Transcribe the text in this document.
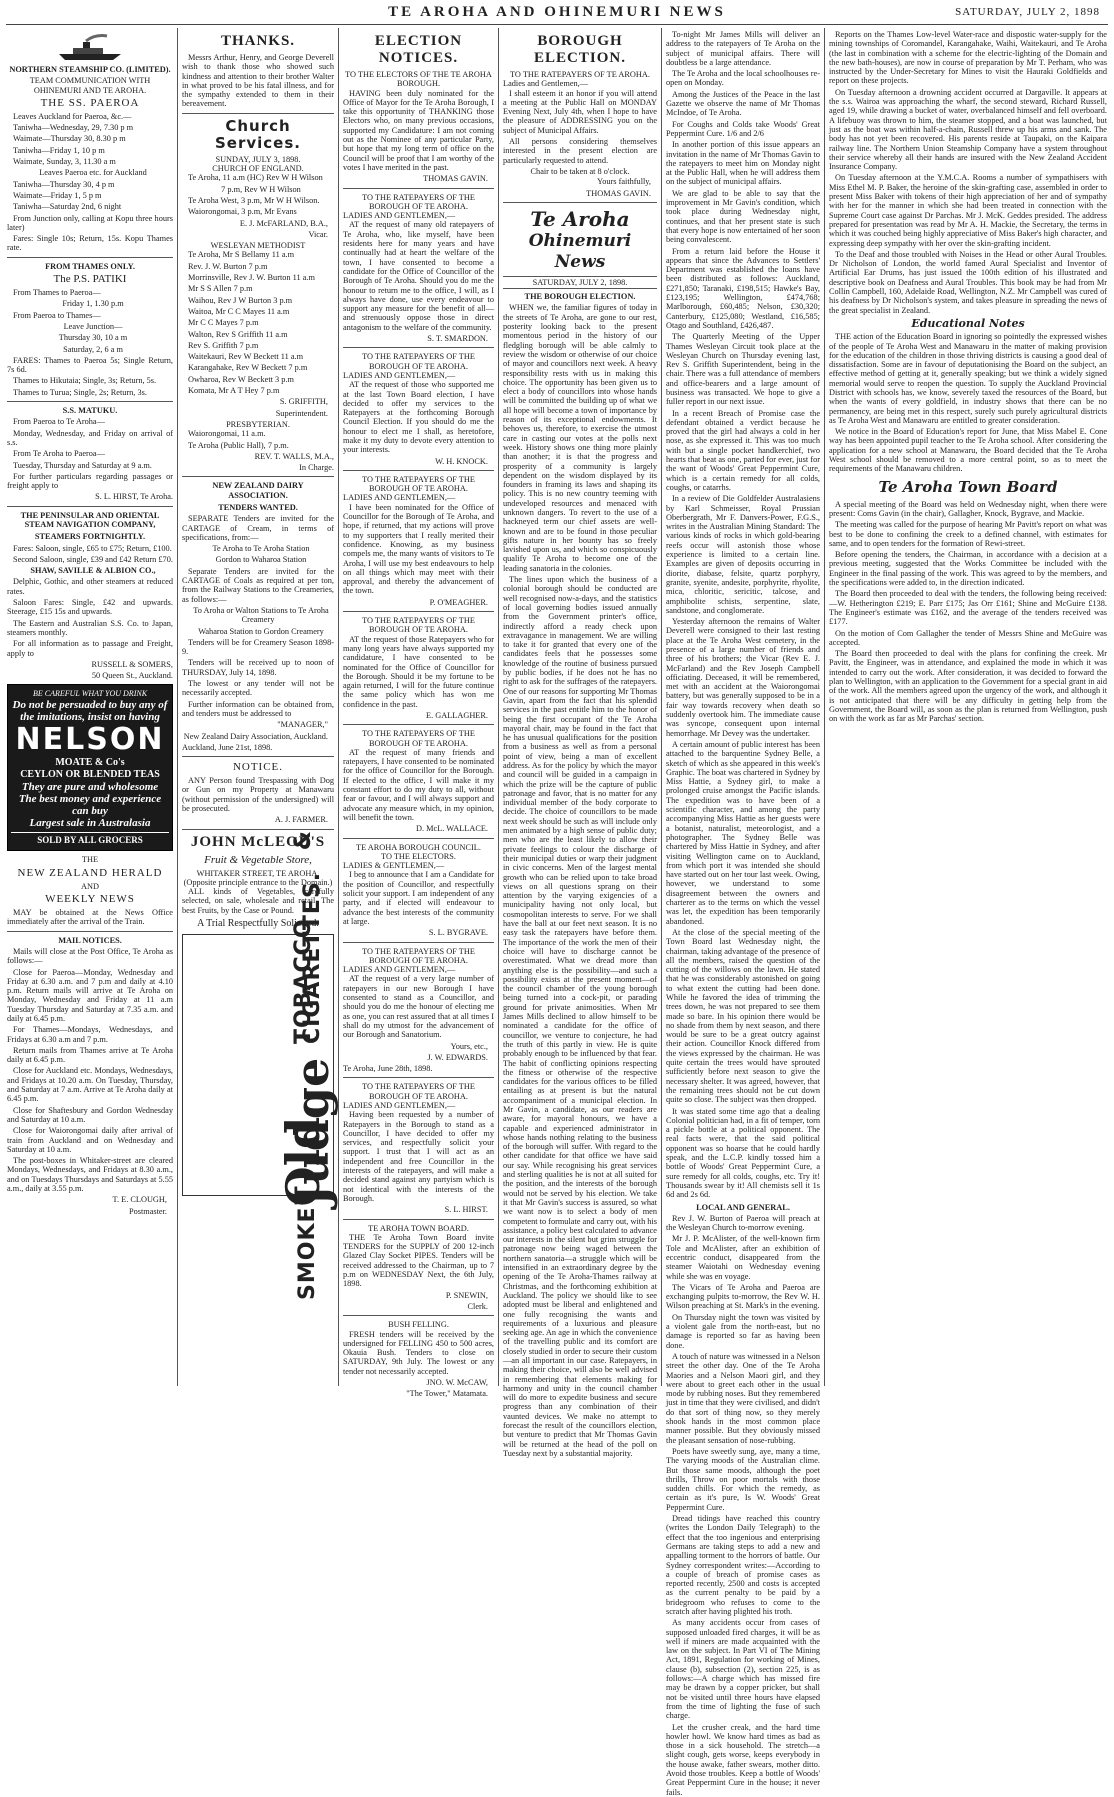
TE AROHA AND OHINEMURI NEWS	SATURDAY, JULY 2, 1898
NORTHERN STEAMSHIP CO. (LIMITED).
TEAM COMMUNICATION WITH OHINEMURI AND TE AROHA.
THE SS. PAEROA

Leaves Auckland for Paeroa, &c.—

Taniwha—Wednesday, 29, 7.30 p m

Waimate—Thursday 30, 8.30 p m

Taniwha—Friday 1, 10 p m

Waimate, Sunday, 3, 11.30 a m

Leaves Paeroa etc. for Auckland

Taniwha—Thursday 30, 4 p m

Waimate—Friday 1, 5 p m

Taniwha—Saturday 2nd, 6 night

From Junction only, calling at Kopu three hours later)

Fares: Single 10s; Return, 15s. Kopu Thames rate.

FROM THAMES ONLY.
The P.S. PATIKI

From Thames to Paeroa—

Friday 1, 1.30 p.m

From Paeroa to Thames—

Leave Junction—

Thursday 30, 10 a m

Saturday, 2, 6 a m

FARES: Thames to Paeroa 5s; Single Return, 7s 6d.

Thames to Hikutaia; Single, 3s; Return, 5s.

Thames to Turua; Single, 2s; Return, 3s.

S.S. MATUKU.

From Paeroa to Te Aroha—

Monday, Wednesday, and Friday on arrival of s.s.

From Te Aroha to Paeroa—

Tuesday, Thursday and Saturday at 9 a.m.

For further particulars regarding passages or freight apply to

S. L. HIRST, Te Aroha.

THE PENINSULAR AND ORIENTAL STEAM NAVIGATION COMPANY,
STEAMERS FORTNIGHTLY.

Fares: Saloon, single, £65 to £75; Return, £100.

Second Saloon, single, £39 and £42 Return £70.

SHAW, SAVILLE & ALBION CO.,

Delphic, Gothic, and other steamers at reduced rates.

Saloon Fares: Single, £42 and upwards. Steerage, £15 15s and upwards.

The Eastern and Australian S.S. Co. to Japan, steamers monthly.

For all information as to passage and Freight, apply to

RUSSELL & SOMERS,

50 Queen St., Auckland.

BE CAREFUL WHAT YOU DRINK
Do not be persuaded to buy any of the imitations, insist on having
NELSON
MOATE & Co's
CEYLON OR BLENDED TEAS
They are pure and wholesome
The best money and experience can buy
Largest sale in Australasia
SOLD BY ALL GROCERS
THE
NEW ZEALAND HERALD
AND
WEEKLY NEWS

MAY be obtained at the News Office immediately after the arrival of the Train.

MAIL NOTICES.

Mails will close at the Post Office, Te Aroha as follows:—

Close for Paeroa—Monday, Wednesday and Friday at 6.30 a.m. and 7 p.m and daily at 4.10 p.m. Return mails will arrive at Te Aroha on Monday, Wednesday and Friday at 11 a.m Tuesday Thursday and Saturday at 7.35 a.m. and daily at 6.45 p.m.

For Thames—Mondays, Wednesdays, and Fridays at 6.30 a.m and 7 p.m.

Return mails from Thames arrive at Te Aroha daily at 6.45 p.m.

Close for Auckland etc. Mondays, Wednesdays, and Fridays at 10.20 a.m. On Tuesday, Thursday, and Saturday at 7 a.m. Arrive at Te Aroha daily at 6.45 p.m.

Close for Shaftesbury and Gordon Wednesday and Saturday at 10 a.m.

Close for Waiorongomai daily after arrival of train from Auckland and on Wednesday and Saturday at 10 a.m.

The post-boxes in Whitaker-street are cleared Mondays, Wednesdays, and Fridays at 8.30 a.m., and on Tuesdays Thursdays and Saturdays at 5.55 a.m., daily at 3.55 p.m.

T. E. CLOUGH,
Postmaster.
THANKS.

Messrs Arthur, Henry, and George Deverell wish to thank those who showed such kindness and attention to their brother Walter in what proved to be his fatal illness, and for the sympathy extended to them in their bereavement.

Church Services.
SUNDAY, JULY 3, 1898.
CHURCH OF ENGLAND.

Te Aroha, 11 a.m (HC) Rev W H Wilson

7 p.m, Rev W H Wilson

Te Aroha West, 3 p.m, Mr W H Wilson.

Waiorongomai, 3 p.m, Mr Evans

E. J. McFARLAND, B.A.,
Vicar.
WESLEYAN METHODIST

Te Aroha, Mr S Bellamy 11 a.m

Rev. J. W. Burton 7 p.m

Morrinsville, Rev J. W. Burton 11 a.m

Mr S S Allen 7 p.m

Waihou, Rev J W Burton 3 p.m

Waitoa, Mr C C Mayes 11 a.m

Mr C C Mayes 7 p.m

Walton, Rev S Griffith 11 a.m

Rev S. Griffith 7 p.m

Waitekauri, Rev W Beckett 11 a.m

Karangahake, Rev W Beckett 7 p.m

Owharoa, Rev W Beckett 3 p.m

Komata, Mr A T Hey 7 p.m

S. GRIFFITH,
Superintendent.
PRESBYTERIAN.

Waiorongomai, 11 a.m.

Te Aroha (Public Hall), 7 p.m.

REV. T. WALLS, M.A.,

In Charge.

NEW ZEALAND DAIRY ASSOCIATION.
TENDERS WANTED.

SEPARATE Tenders are invited for the CARTAGE of Cream, in terms of specifications, from:—

Te Aroha to Te Aroha Station

Gordon to Waharoa Station

Separate Tenders are invited for the CARTAGE of Coals as required at per ton, from the Railway Stations to the Creameries, as follows:—

To Aroha or Walton Stations to Te Aroha Creamery

Waharoa Station to Gordon Creamery

Tenders will be for Creamery Season 1898-9.

Tenders will be received up to noon of THURSDAY, July 14, 1898.

The lowest or any tender will not be necessarily accepted.

Further information can be obtained from, and tenders must be addressed to

"MANAGER,"
New Zealand Dairy Association, Auckland.
Auckland, June 21st, 1898.
NOTICE.

ANY Person found Trespassing with Dog or Gun on my Property at Manawaru (without permission of the undersigned) will be prosecuted.

A. J. FARMER.
JOHN McLEOD'S
Fruit & Vegetable Store,
WHITAKER STREET, TE AROHA.
(Opposite principle entrance to the Domain.)

ALL kinds of Vegetables, carefully selected, on sale, wholesale and retail. The best Fruits, by the Case or Pound.

A Trial Respectfully Solicited.
SMOKE
Old Judge
TOBACCO & CIGARETTES.
ELECTION NOTICES.
TO THE ELECTORS OF THE TE AROHA BOROUGH.

HAVING been duly nominated for the Office of Mayor for the Te Aroha Borough, I take this opportunity of THANKING those Electors who, on many previous occasions, supported my Candidature: I am not coming out as the Nominee of any particular Party, but hope that my long term of office on the Council will be proof that I am worthy of the votes I have merited in the past.

THOMAS GAVIN.
TO THE RATEPAYERS OF THE BOROUGH OF TE AROHA.
LADIES AND GENTLEMEN,—

AT the request of many old ratepayers of Te Aroha, who, like myself, have been residents here for many years and have continually had at heart the welfare of the town, I have consented to become a candidate for the Office of Councillor of the Borough of Te Aroha. Should you do me the honour to return me to the office, I will, as I always have done, use every endeavour to support any measure for the benefit of all—and strenuously oppose those in direct antagonism to the welfare of the community.

S. T. SMARDON.
TO THE RATEPAYERS OF THE BOROUGH OF TE AROHA.
LADIES AND GENTLEMEN,—

AT the request of those who supported me at the last Town Board election, I have decided to offer my services to the Ratepayers at the forthcoming Borough Council Election. If you should do me the honour to elect me I shall, as heretofore, make it my duty to devote every attention to your interests.

W. H. KNOCK.
TO THE RATEPAYERS OF THE BOROUGH OF TE AROHA.
LADIES AND GENTLEMEN,—

I have been nominated for the Office of Councillor for the Borough of Te Aroha, and hope, if returned, that my actions will prove to my supporters that I really merited their confidence. Knowing, as my business compels me, the many wants of visitors to Te Aroha, I will use my best endeavours to help on all things which may meet with their approval, and thereby the advancement of the town.

P. O'MEAGHER.
TO THE RATEPAYERS OF THE BOROUGH OF TE AROHA.

AT the request of those Ratepayers who for many long years have always supported my candidature, I have consented to be nominated for the Office of Councillor for the Borough. Should it be my fortune to be again returned, I will for the future continue the same policy which has won me confidence in the past.

E. GALLAGHER.
TO THE RATEPAYERS OF THE BOROUGH OF TE AROHA.

AT the request of many friends and ratepayers, I have consented to be nominated for the office of Councillor for the Borough. If elected to the office, I will make it my constant effort to do my duty to all, without fear or favour, and I will always support and advocate any measure which, in my opinion, will benefit the town.

D. McL. WALLACE.
TE AROHA BOROUGH COUNCIL.
TO THE ELECTORS.
LADIES & GENTLEMEN,—

I beg to announce that I am a Candidate for the position of Councillor, and respectfully solicit your support. I am independent of any party, and if elected will endeavour to advance the best interests of the community at large.

S. L. BYGRAVE.
TO THE RATEPAYERS OF THE BOROUGH OF TE AROHA.
LADIES AND GENTLEMEN,—

AT the request of a very large number of ratepayers in our new Borough I have consented to stand as a Councillor, and should you do me the honour of electing me as one, you can rest assured that at all times I shall do my utmost for the advancement of our Borough and Sanatorium.

Yours, etc.,
J. W. EDWARDS.
Te Aroha, June 28th, 1898.
TO THE RATEPAYERS OF THE BOROUGH OF TE AROHA.
LADIES AND GENTLEMEN,—

Having been requested by a number of Ratepayers in the Borough to stand as a Councillor, I have decided to offer my services, and respectfully solicit your support. I trust that I will act as an independent and free Councillor in the interests of the ratepayers, and will make a decided stand against any partyism which is not identical with the interests of the Borough.

S. L. HIRST.
TE AROHA TOWN BOARD.

THE Te Aroha Town Board invite TENDERS for the SUPPLY of 200 12-inch Glazed Clay Socket PIPES. Tenders will be received addressed to the Chairman, up to 7 p.m on WEDNESDAY Next, the 6th July, 1898.

P. SNEWIN,
Clerk.
BUSH FELLING.

FRESH tenders will be received by the undersigned for FELLING 450 to 500 acres, Okauia Bush. Tenders to close on SATURDAY, 9th July. The lowest or any tender not necessarily accepted.

JNO. W. McCAW,
"The Tower," Matamata.
BOROUGH ELECTION.
TO THE RATEPAYERS OF TE AROHA.
Ladies and Gentlemen,—

I shall esteem it an honor if you will attend a meeting at the Public Hall on MONDAY Evening Next, July 4th, when I hope to have the pleasure of ADDRESSING you on the subject of Municipal Affairs.

All persons considering themselves interested in the present election are particularly requested to attend.

Chair to be taken at 8 o'clock.
Yours faithfully,
THOMAS GAVIN.
Te Aroha
Ohinemuri News
SATURDAY, JULY 2, 1898.
THE BOROUGH ELECTION.

WHEN we, the familiar figures of today in the streets of Te Aroha, are gone to our rest, posterity looking back to the present momentous period in the history of our fledgling borough will be able calmly to review the wisdom or otherwise of our choice of mayor and councillors next week. A heavy responsibility rests with us in making this choice. The opportunity has been given us to elect a body of councillors into whose hands will be committed the building up of what we all hope will become a town of importance by reason of its exceptional endowments. It behoves us, therefore, to exercise the utmost care in casting our votes at the polls next week. History shows one thing more plainly than another; it is that the progress and prosperity of a community is largely dependent on the wisdom displayed by its founders in framing its laws and shaping its policy. This is no new country teeming with undeveloped resources and menaced with unknown dangers. To revert to the use of a hackneyed term our chief assets are well-known and are to be found in those peculiar gifts nature in her bounty has so freely lavished upon us, and which so conspicuously qualify Te Aroha to become one of the leading sanatoria in the colonies.

The lines upon which the business of a colonial borough should be conducted are well recognised now-a-days, and the statistics of local governing bodies issued annually from the Government printer's office, indirectly afford a ready check upon extravagance in management. We are willing to take it for granted that every one of the candidates feels that he possesses some knowledge of the routine of business pursued by public bodies, if he does not he has no right to ask for the suffrages of the ratepayers. One of our reasons for supporting Mr Thomas Gavin, apart from the fact that his splendid services in the past entitle him to the honor of being the first occupant of the Te Aroha mayoral chair, may be found in the fact that he has unusual qualifications for the position from a business as well as from a personal point of view, being a man of excellent address. As for the policy by which the mayor and council will be guided in a campaign in which the prize will be the capture of public patronage and favor, that is no matter for any individual member of the body corporate to decide. The choice of councillors to be made next week should be such as will include only men animated by a high sense of public duty; men who are the least likely to allow their private feelings to colour the discharge of their municipal duties or warp their judgment in civic concerns. Men of the largest mental growth who can be relied upon to take broad views on all questions sprang on their attention by the varying exigencies of a municipality having not only local, but cosmopolitan interests to serve. For we shall have the ball at our feet next season. It is no easy task the ratepayers have before them. The importance of the work the men of their choice will have to discharge cannot be overestimated. What we dread more than anything else is the possibility—and such a possibility exists at the present moment—of the council chamber of the young borough being turned into a cock-pit, or parading ground for private animosities. When Mr James Mills declined to allow himself to be nominated a candidate for the office of councillor, we venture to conjecture, he had the truth of this partly in view. He is quite probably enough to be influenced by that fear. The habit of conflicting opinions respecting the fitness or otherwise of the respective candidates for the various offices to be filled entailing as at present is but the natural accompaniment of a municipal election. In Mr Gavin, a candidate, as our readers are aware, for mayoral honours, we have a capable and experienced administrator in whose hands nothing relating to the business of the borough will suffer. With regard to the other candidate for that office we have said our say. While recognising his great services and sterling qualities he is not at all suited for the position, and the interests of the borough would not be served by his election. We take it that Mr Gavin's success is assured, so what we want now is to select a body of men competent to formulate and carry out, with his assistance, a policy best calculated to advance our interests in the silent but grim struggle for patronage now being waged between the northern sanatoria—a struggle which will be intensified in an extraordinary degree by the opening of the Te Aroha-Thames railway at Christmas, and the forthcoming exhibition at Auckland. The policy we should like to see adopted must be liberal and enlightened and one fully recognising the wants and requirements of a luxurious and pleasure seeking age. An age in which the convenience of the travelling public and its comfort are closely studied in order to secure their custom—an all important in our case. Ratepayers, in making their choice, will also be well advised in remembering that elements making for harmony and unity in the council chamber will do more to expedite business and secure progress than any combination of their vaunted devices. We make no attempt to forecast the result of the councillors election, but venture to predict that Mr Thomas Gavin will be returned at the head of the poll on Tuesday next by a substantial majority.

To-night Mr James Mills will deliver an address to the ratepayers of Te Aroha on the subject of municipal affairs. There will doubtless be a large attendance.

The Te Aroha and the local schoolhouses re-open on Monday.

Among the Justices of the Peace in the last Gazette we observe the name of Mr Thomas McIndoe, of Te Aroha.

For Coughs and Colds take Woods' Great Peppermint Cure. 1/6 and 2/6

In another portion of this issue appears an invitation in the name of Mr Thomas Gavin to the ratepayers to meet him on Monday night at the Public Hall, when he will address them on the subject of municipal affairs.

We are glad to be able to say that the improvement in Mr Gavin's condition, which took place during Wednesday night, continues, and that her present state is such that every hope is now entertained of her soon being convalescent.

From a return laid before the House it appears that since the Advances to Settlers' Department was established the loans have been distributed as follows: Auckland, £271,850; Taranaki, £198,515; Hawke's Bay, £123,195; Wellington, £474,768; Marlborough, £60,485; Nelson, £30,320; Canterbury, £125,080; Westland, £16,585; Otago and Southland, £426,487.

The Quarterly Meeting of the Upper Thames Wesleyan Circuit took place at the Wesleyan Church on Thursday evening last, Rev S. Griffith Superintendent, being in the chair. There was a full attendance of members and office-bearers and a large amount of business was transacted. We hope to give a fuller report in our next issue.

In a recent Breach of Promise case the defendant obtained a verdict because he proved that the girl had always a cold in her nose, as she expressed it. This was too much with but a single pocket handkerchief, two hearts that beat as one, parted for ever, just for the want of Woods' Great Peppermint Cure, which is a certain remedy for all colds, coughs, or catarrhs.

In a review of Die Goldfelder Australasiens by Karl Schmeisser, Royal Prussian Oberbergrath, Mr F. Danvers-Power, F.G.S., writes in the Australian Mining Standard: The various kinds of rocks in which gold-bearing reefs occur will astonish those whose experience is limited to a certain line. Examples are given of deposits occurring in diorite, diabase, felsite, quartz porphyry, granite, syenite, andesite, porphyrite, rhyolite, mica, chloritic, sericitic, talcose, and amphibolite schists, serpentine, slate, sandstone, and conglomerate.

Yesterday afternoon the remains of Walter Deverell were consigned to their last resting place at the Te Aroha West cemetery, in the presence of a large number of friends and three of his brothers; the Vicar (Rev E. J. McFarland) and the Rev Joseph Campbell officiating. Deceased, it will be remembered, met with an accident at the Waiorongomai battery, but was generally supposed to be in a fair way towards recovery when death so suddenly overtook him. The immediate cause was syncope, consequent upon internal hemorrhage. Mr Devey was the undertaker.

A certain amount of public interest has been attached to the barquentine Sydney Belle, a sketch of which as she appeared in this week's Graphic. The boat was chartered in Sydney by Miss Hattie, a Sydney girl, to make a prolonged cruise amongst the Pacific islands. The expedition was to have been of a scientific character, and among the party accompanying Miss Hattie as her guests were a botanist, naturalist, meteorologist, and a photographer. The Sydney Belle was chartered by Miss Hattie in Sydney, and after visiting Wellington came on to Auckland, from which port it was intended she should have started out on her tour last week. Owing, however, we understand to some disagreement between the owners and charterer as to the terms on which the vessel was let, the expedition has been temporarily abandoned.

At the close of the special meeting of the Town Board last Wednesday night, the chairman, taking advantage of the presence of all the members, raised the question of the cutting of the willows on the lawn. He stated that he was considerably astonished on going to what extent the cutting had been done. While he favored the idea of trimming the trees down, he was not prepared to see them made so bare. In his opinion there would be no shade from them by next season, and there would be sure to be a great outcry against their action. Councillor Knock differed from the views expressed by the chairman. He was quite certain the trees would have sprouted sufficiently before next season to give the necessary shelter. It was agreed, however, that the remaining trees should not be cut down quite so close. The subject was then dropped.

It was stated some time ago that a dealing Colonial politician had, in a fit of temper, torn a pickle bottle at a political opponent. The real facts were, that the said political opponent was so hoarse that he could hardly speak, and the L.C.P. kindly tossed him a bottle of Woods' Great Peppermint Cure, a sure remedy for all colds, coughs, etc. Try it! Thousands swear by it! All chemists sell it 1s 6d and 2s 6d.

LOCAL AND GENERAL.

Rev J. W. Burton of Paeroa will preach at the Wesleyan Church to-morrow evening.

Mr J. P. McAlister, of the well-known firm Tole and McAlister, after an exhibition of eccentric conduct, disappeared from the steamer Waiotahi on Wednesday evening while she was en voyage.

The Vicars of Te Aroha and Paeroa are exchanging pulpits to-morrow, the Rev W. H. Wilson preaching at St. Mark's in the evening.

On Thursday night the town was visited by a violent gale from the north-east, but no damage is reported so far as having been done.

A touch of nature was witnessed in a Nelson street the other day. One of the Te Aroha Maories and a Nelson Maori girl, and they were about to greet each other in the usual mode by rubbing noses. But they remembered just in time that they were civilised, and didn't do that sort of thing now, so they merely shook hands in the most common place manner possible. But they obviously missed the pleasant sensation of nose-rubbing.

Poets have sweetly sung, aye, many a time, The varying moods of the Australian clime. But those same moods, although the poet thrills, Throw on poor mortals with those sudden chills. For which the remedy, as certain as it's pure, Is W. Woods' Great Peppermint Cure.

Dread tidings have reached this country (writes the London Daily Telegraph) to the effect that the too ingenious and enterprising Germans are taking steps to add a new and appalling torment to the horrors of battle. Our Sydney correspondent writes:—According to a couple of breach of promise cases as reported recently, 2500 and costs is accepted as the current penalty to be paid by a bridegroom who refuses to come to the scratch after having plighted his troth.

As many accidents occur from cases of supposed unloaded fired charges, it will be as well if miners are made acquainted with the law on the subject. In Part VI of The Mining Act, 1891, Regulation for working of Mines, clause (b), subsection (2), section 225, is as follows:—A charge which has missed fire may be drawn by a copper pricker, but shall not be visited until three hours have elapsed from the time of lighting the fuse of such charge.

Let the crusher creak, and the hard time howler howl. We know hard times as bad as those in a sick household. The stretch—a slight cough, gets worse, keeps everybody in the house awake, father swears, mother ditto. Avoid those troubles. Keep a bottle of Woods' Great Peppermint Cure in the house; it never fails.

Reports on the Thames Low-level Water-race and dispostic water-supply for the mining townships of Coromandel, Karangahake, Waihi, Waitekauri, and Te Aroha (the last in combination with a scheme for the electric-lighting of the Domain and the new bath-houses), are now in course of preparation by Mr T. Perham, who was instructed by the Under-Secretary for Mines to visit the Hauraki Goldfields and report on these projects.

On Tuesday afternoon a drowning accident occurred at Dargaville. It appears at the s.s. Wairoa was approaching the wharf, the second steward, Richard Russell, aged 19, while drawing a bucket of water, overbalanced himself and fell overboard. A lifebuoy was thrown to him, the steamer stopped, and a boat was launched, but just as the boat was within half-a-chain, Russell threw up his arms and sank. The body has not yet been recovered. His parents reside at Taupaki, on the Kaipara railway line. The Northern Union Steamship Company have a system throughout their service whereby all their hands are insured with the New Zealand Accident Insurance Company.

On Tuesday afternoon at the Y.M.C.A. Rooms a number of sympathisers with Miss Ethel M. P. Baker, the heroine of the skin-grafting case, assembled in order to present Miss Baker with tokens of their high appreciation of her and of sympathy with her for the manner in which she had been treated in connection with the Supreme Court case against Dr Parchas. Mr J. McK. Geddes presided. The address prepared for presentation was read by Mr A. H. Mackie, the Secretary, the terms in which it was couched being highly appreciative of Miss Baker's high character, and expressing deep sympathy with her over the skin-grafting incident.

To the Deaf and those troubled with Noises in the Head or other Aural Troubles. Dr Nicholson of London, the world famed Aural Specialist and Inventor of Artificial Ear Drums, has just issued the 100th edition of his illustrated and descriptive book on Deafness and Aural Troubles. This book may be had from Mr Collin Campbell, 160, Adelaide Road, Wellington, N.Z. Mr Campbell was cured of his deafness by Dr Nicholson's system, and takes pleasure in spreading the news of the great specialist in Zealand.

Educational Notes

THE action of the Education Board in ignoring so pointedly the expressed wishes of the people of Te Aroha West and Manawaru in the matter of making provision for the education of the children in those thriving districts is causing a good deal of dissatisfaction. Some are in favour of deputationising the Board on the subject, an effective method of getting at it, generally speaking; but we think a widely signed memorial would serve to reopen the question. To supply the Auckland Provincial District with schools has, we know, severely taxed the resources of the Board, but when the wants of every goldfield, in industry shows that there can be no permanency, are being met in this respect, surely such purely agricultural districts as Te Aroha West and Manawaru are entitled to greater consideration.

We notice in the Board of Education's report for June, that Miss Mabel E. Cone way has been appointed pupil teacher to the Te Aroha school. After considering the application for a new school at Manawaru, the Board decided that the Te Aroha West school should be removed to a more central point, so as to meet the requirements of the Manawaru children.

Te Aroha Town Board

A special meeting of the Board was held on Wednesday night, when there were present: Coms Gavin (in the chair), Gallagher, Knock, Bygrave, and Mackie.

The meeting was called for the purpose of hearing Mr Pavitt's report on what was best to be done to confining the creek to a defined channel, with estimates for same, and to open tenders for the formation of Rewi-street.

Before opening the tenders, the Chairman, in accordance with a decision at a previous meeting, suggested that the Works Committee be included with the Engineer in the final passing of the work. This was agreed to by the members, and the specifications were added to, in the direction indicated.

The Board then proceeded to deal with the tenders, the following being received:—W. Hetherington £219; E. Parr £175; Jas Orr £161; Shine and McGuire £138. The Engineer's estimate was £162, and the average of the tenders received was £177.

On the motion of Com Gallagher the tender of Messrs Shine and McGuire was accepted.

The Board then proceeded to deal with the plans for confining the creek. Mr Pavitt, the Engineer, was in attendance, and explained the mode in which it was intended to carry out the work. After consideration, it was decided to forward the plan to Wellington, with an application to the Government for a special grant in aid of the work. All the members agreed upon the urgency of the work, and although it is not anticipated that there will be any difficulty in getting help from the Government, the Board will, as soon as the plan is returned from Wellington, push on with the work as far as Mr Parchas' section.
